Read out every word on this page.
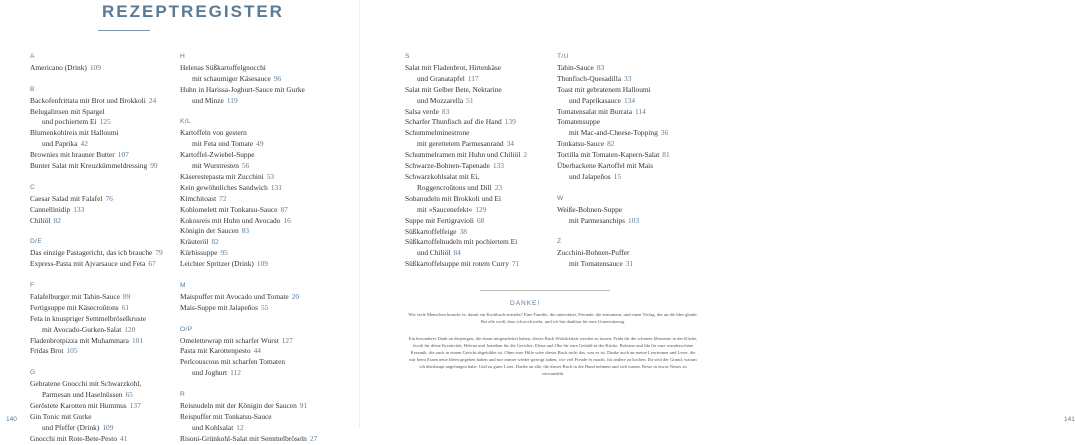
REZEPTREGISTER
A
Americano (Drink) 109
B
Backofenfrittata mit Brot und Brokkoli 24
Belugalinsen mit Spargel
und pochiertem Ei 125
Blumenkohlreis mit Halloumi
und Paprika 42
Brownies mit brauner Butter 107
Bunter Salat mit Kreuzkümmeldressing 99
C
Caesar Salad mit Falafel 76
Cannellinidip 133
Chiliöl 82
D/E
Das einzige Pastagericht, das ich brauche 79
Express-Pasta mit Ajvarsauce und Feta 67
F
Falafelburger mit Tahin-Sauce 89
Fertigsuppe mit Käsecroûtons 61
Feta in knuspriger Semmelbröselkruste
mit Avocado-Gurken-Salat 120
Fladenbrotpizza mit Muhammara 101
Fridas Brot 105
G
Gebratene Gnocchi mit Schwarzkohl,
Parmesan und Haselnüssen 65
Geröstete Karotten mit Hummus 137
Gin Tonic mit Gurke
und Pfeffer (Drink) 109
Gnocchi mit Rote-Bete-Pesto 41
H
Helenas Süßkartoffelgnocchi
mit schaumiger Käsesauce 96
Huhn in Harissa-Joghurt-Sauce mit Gurke
und Minze 119
K/L
Kartoffeln von gestern
mit Feta und Tomate 49
Kartoffel-Zwiebel-Suppe
mit Wurstresten 56
Käserestepasta mit Zucchini 53
Kein gewöhnliches Sandwich 131
Kimchitoast 72
Kohlomelett mit Tonkatsu-Sauce 87
Kokosreis mit Huhn und Avocado 16
Königin der Saucen 83
Kräuteröl 82
Kürbissuppe 95
Leichter Spritzer (Drink) 109
M
Maispuffer mit Avocado und Tomate 20
Mais-Suppe mit Jalapeños 55
O/P
Omelettewrap mit scharfer Wurst 127
Pasta mit Karottenpesto 44
Perlcouscous mit scharfen Tomaten
und Joghurt 112
R
Reisnudeln mit der Königin der Saucen 91
Reispuffer mit Tonkatsu-Sauce
und Kohlsalat 12
Risoni-Grünkohl-Salat mit Semmelbröseln 27
140	141
S
Salat mit Fladenbrot, Hirtenkäse
und Granatapfel 117
Salat mit Gelber Bete, Nektarine
und Mozzarella 51
Salsa verde 83
Scharfer Thunfisch auf die Hand 139
Schummelminestrone
mit gerettetem Parmesanrand 34
Schummelramen mit Huhn und Chiliöl 2
Schwarze-Bohnen-Tapenade 133
Schwarzkohlsalat mit Ei,
Roggencroûtons und Dill 23
Sobanudeln mit Brokkoli und Ei
mit »Saucenefekt« 129
Suppe mit Fertigravioli 68
Süßkartoffelfeige 38
Süßkartoffelnudeln mit pochiertem Ei
und Chiliöl 84
Süßkartoffelsuppe mit rotem Curry 71
T/U
Tahin-Sauce 83
Thunfisch-Quesadilla 33
Toast mit gebratenem Halloumi
und Paprikasauce 134
Tomatensalat mit Burrata 114
Tomatensuppe
mit Mac-and-Cheese-Topping 36
Tonkatsu-Sauce 82
Tortilla mit Tomaten-Kapern-Salat 81
Überbackene Kartoffel mit Mais
und Jalapeños 15
W
Weiße-Bohnen-Suppe
mit Parmesanchips 103
Z
Zucchini-Bohnen-Puffer
mit Tomatensauce 31
DANKE!
Wie viele Menschen braucht es, damit ein Kochbuch entsteht? Eine Familie, die unterstützt, Freunde, die ermuntern, und einen Verlag, der an die Idee glaubt. Bei alle weiß, dass ich noch mehr, und ich bin dankbar für eure Unterstützung.
Ein besonderer Dank an diejenigen, die daran mitgearbeitet haben, dieses Buch Wirklichkeit werden zu lassen: Frida für die schönen Momente in der Küche, Jacob für deine Kreativität, Helena und Jonathan für die Gerichte, Elena und Oke für eure Geduld in der Küche, Bolzano und Ida für eure wunderschöne Keramik, die auch in einem Gericht abgebildet ist. Ohne eure Hilfe wäre dieses Buch nicht das, was es ist. Danke auch an meine Leserinnen und Leser, die mir beim Essen neue Ideen gegeben haben und mir immer wieder gezeigt haben, wie viel Freude es macht, für andere zu kochen. Ihr seid der Grund, warum ich überhaupt angefangen habe. Und zu guter Letzt: Danke an alle, die dieses Buch in die Hand nehmen und sich trauen, Reste in etwas Neues zu verwandeln.
